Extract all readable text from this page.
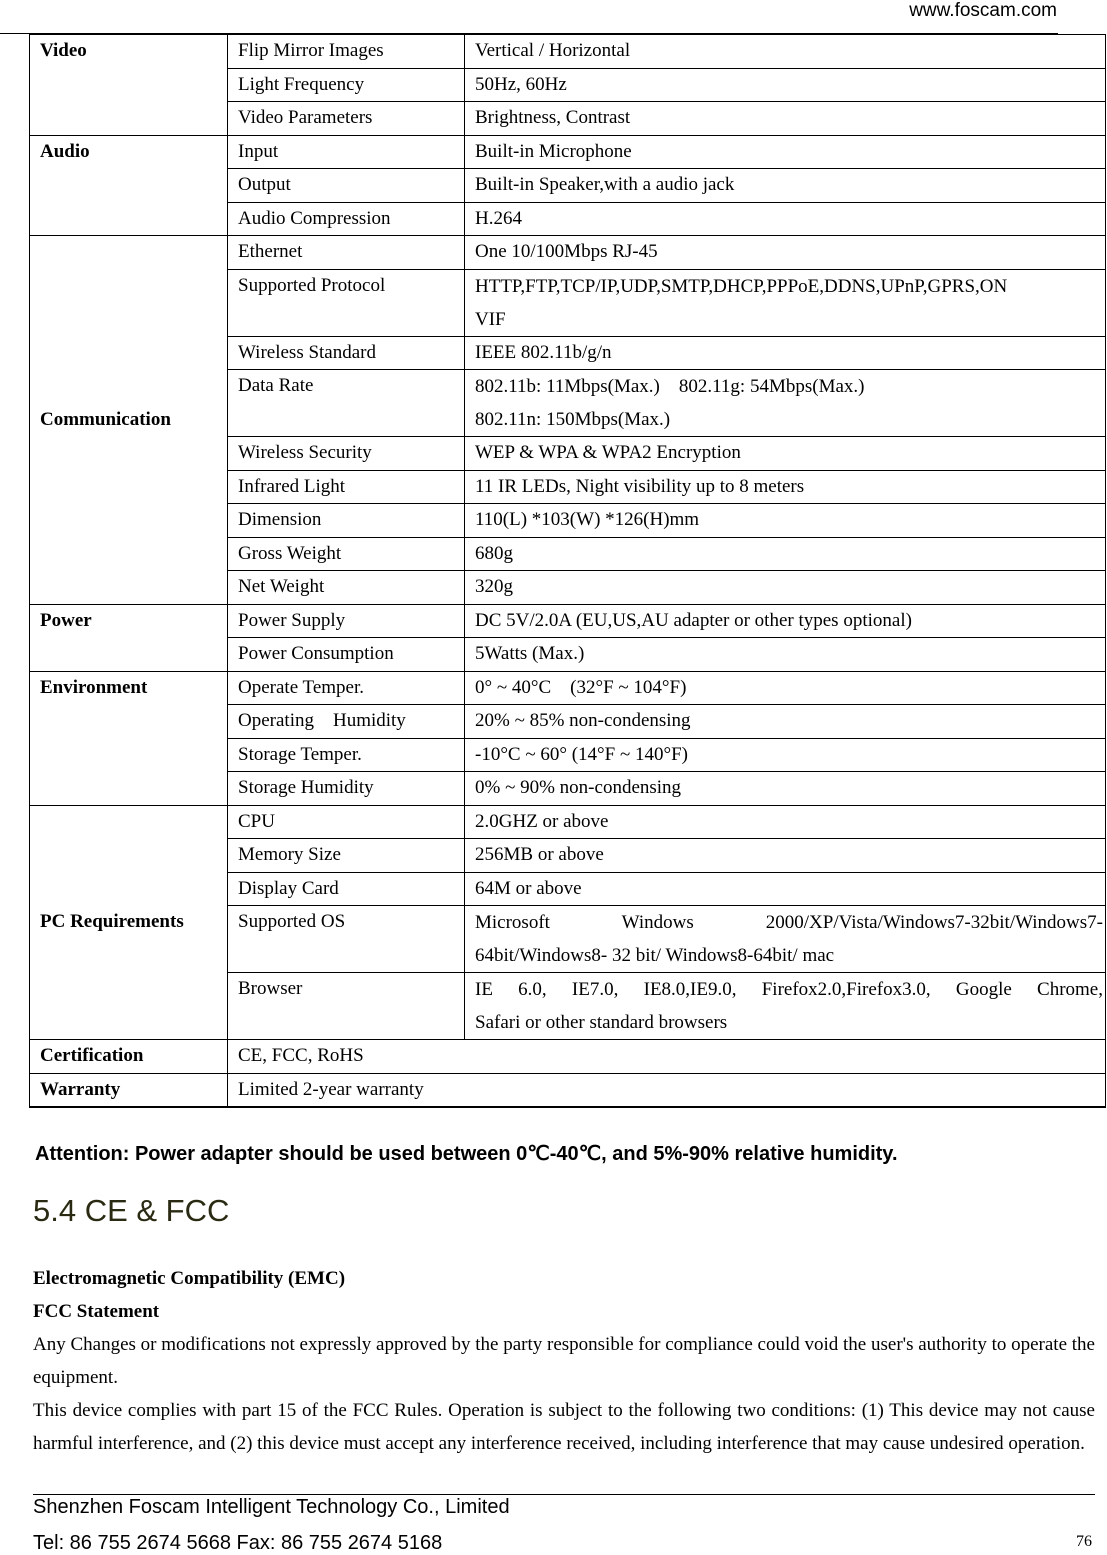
www.foscam.com
Video	Flip Mirror Images	Vertical / Horizontal
	Light Frequency	50Hz, 60Hz
	Video Parameters	Brightness, Contrast
Audio	Input	Built-in Microphone
	Output	Built-in Speaker,with a audio jack
	Audio Compression	H.264
Communication	Ethernet	One 10/100Mbps RJ-45
	Supported Protocol	HTTP,FTP,TCP/IP,UDP,SMTP,DHCP,PPPoE,DDNS,UPnP,GPRS,ON
VIF
	Wireless Standard	IEEE 802.11b/g/n
	Data Rate	802.11b: 11Mbps(Max.)    802.11g: 54Mbps(Max.)
802.11n: 150Mbps(Max.)
	Wireless Security	WEP & WPA & WPA2 Encryption
	Infrared Light	11 IR LEDs, Night visibility up to 8 meters
	Dimension	110(L) *103(W) *126(H)mm
	Gross Weight	680g
	Net Weight	320g
Power	Power Supply	DC 5V/2.0A (EU,US,AU adapter or other types optional)
	Power Consumption	5Watts (Max.)
Environment	Operate Temper.	0° ~ 40°C    (32°F ~ 104°F)
	Operating    Humidity	20% ~ 85% non-condensing
	Storage Temper.	-10°C ~ 60° (14°F ~ 140°F)
	Storage Humidity	0% ~ 90% non-condensing
PC Requirements	CPU	2.0GHZ or above
	Memory Size	256MB or above
	Display Card	64M or above
	Supported OS	Microsoft Windows 2000/XP/Vista/Windows7-32bit/Windows7-
64bit/Windows8- 32 bit/ Windows8-64bit/ mac

	Browser	IE 6.0, IE7.0, IE8.0,IE9.0, Firefox2.0,Firefox3.0, Google Chrome,
Safari or other standard browsers

Certification	CE, FCC, RoHS	
Warranty	Limited 2-year warranty	
Attention: Power adapter should be used between 0℃-40℃, and 5%-90% relative humidity.
5.4 CE & FCC
Electromagnetic Compatibility (EMC)
FCC Statement
Any Changes or modifications not expressly approved by the party responsible for compliance could void the user's authority to operate the equipment.
This device complies with part 15 of the FCC Rules. Operation is subject to the following two conditions: (1) This device may not cause harmful interference, and (2) this device must accept any interference received, including interference that may cause undesired operation.
Shenzhen Foscam Intelligent Technology Co., Limited
Tel: 86 755 2674 5668 Fax: 86 755 2674 5168	76
